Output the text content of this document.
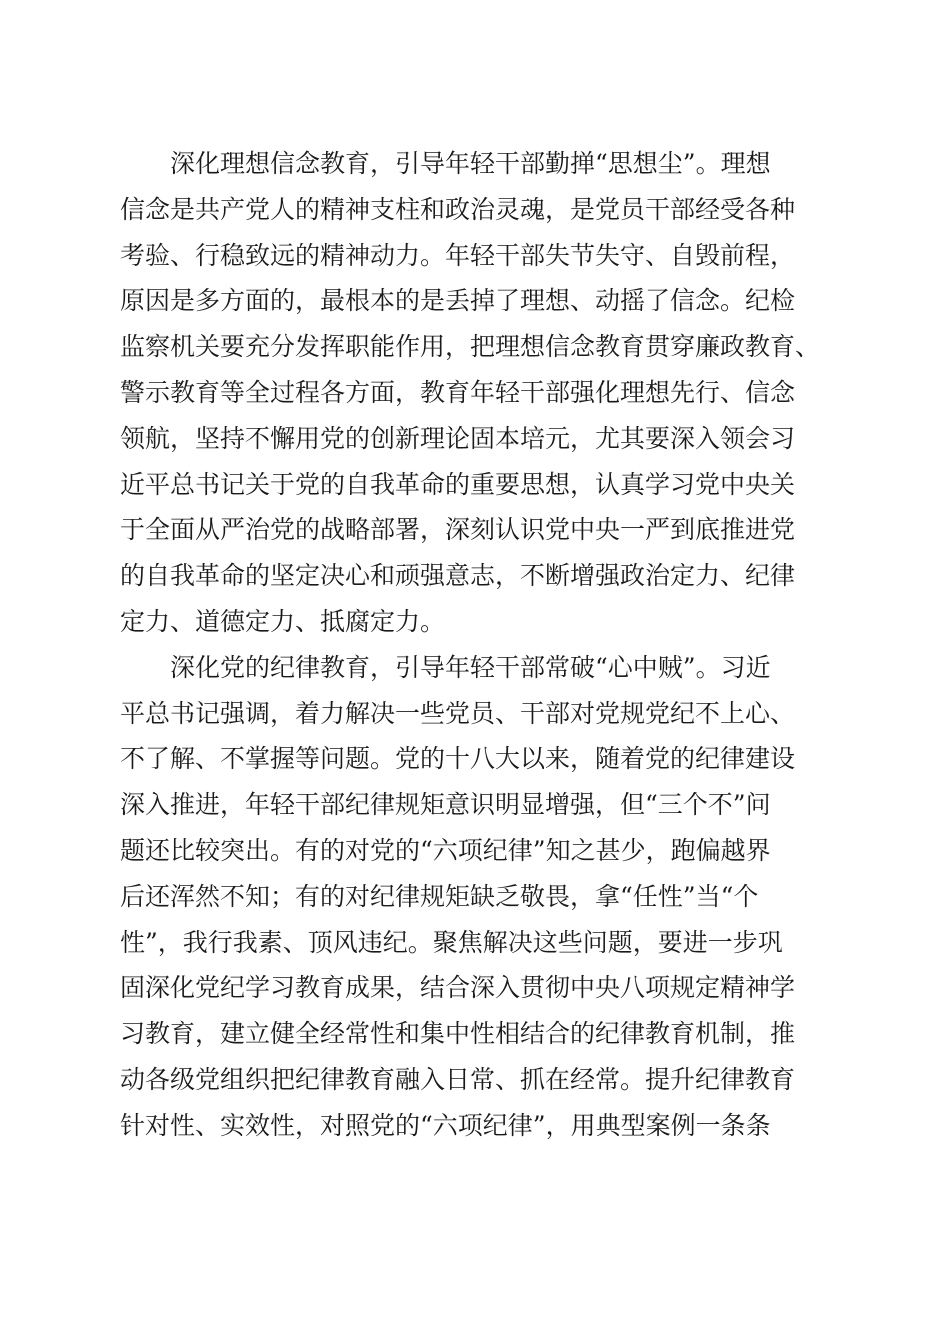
深化理想信念教育，引导年轻干部勤掸“思想尘”。理想
信念是共产党人的精神支柱和政治灵魂，是党员干部经受各种
考验、行稳致远的精神动力。年轻干部失节失守、自毁前程，
原因是多方面的，最根本的是丢掉了理想、动摇了信念。纪检
监察机关要充分发挥职能作用，把理想信念教育贯穿廉政教育、
警示教育等全过程各方面，教育年轻干部强化理想先行、信念
领航，坚持不懈用党的创新理论固本培元，尤其要深入领会习
近平总书记关于党的自我革命的重要思想，认真学习党中央关
于全面从严治党的战略部署，深刻认识党中央一严到底推进党
的自我革命的坚定决心和顽强意志，不断增强政治定力、纪律
定力、道德定力、抵腐定力。
深化党的纪律教育，引导年轻干部常破“心中贼”。习近
平总书记强调，着力解决一些党员、干部对党规党纪不上心、
不了解、不掌握等问题。党的十八大以来，随着党的纪律建设
深入推进，年轻干部纪律规矩意识明显增强，但“三个不”问
题还比较突出。有的对党的“六项纪律”知之甚少，跑偏越界
后还浑然不知；有的对纪律规矩缺乏敬畏，拿“任性”当“个
性”，我行我素、顶风违纪。聚焦解决这些问题，要进一步巩
固深化党纪学习教育成果，结合深入贯彻中央八项规定精神学
习教育，建立健全经常性和集中性相结合的纪律教育机制，推
动各级党组织把纪律教育融入日常、抓在经常。提升纪律教育
针对性、实效性，对照党的“六项纪律”，用典型案例一条条
